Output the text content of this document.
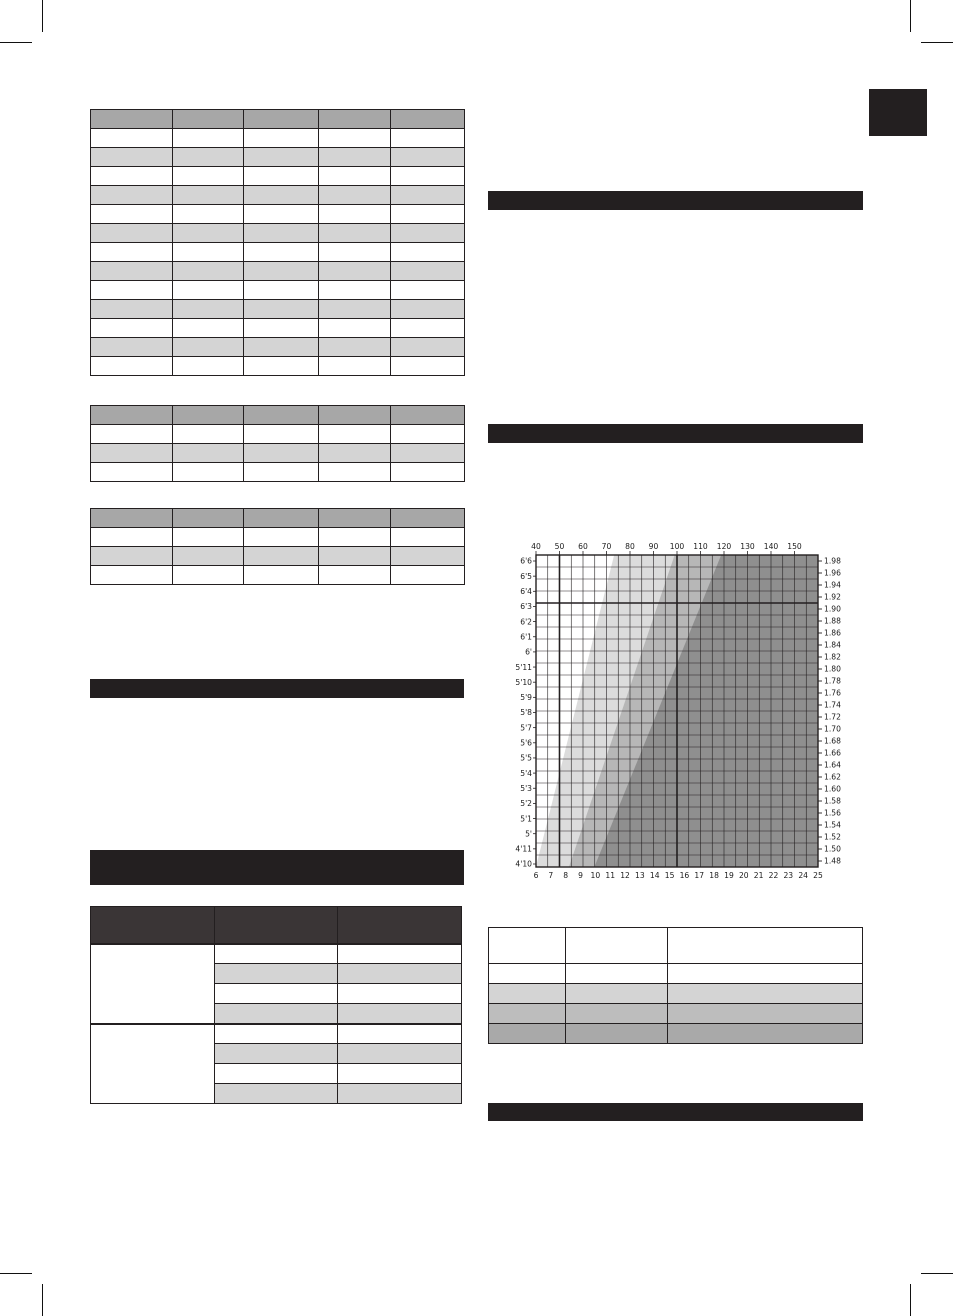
40 50 60 70 80 90 100 110 120 130 140 150
6 7 8 9 10 11 12 13 14 15 16 17 18 19 20 21 22 23 24 25
6'6
6'5
6'4
6'3
6'2
6'1
6'
5'11
5'10
5'9
5'8
5'7
5'6
5'5
5'4
5'3
5'2
5'1
5'
4'11
4'10
1.98
1.96
1.94
1.92
1.90
1.88
1.86
1.84
1.82
1.80
1.78
1.76
1.74
1.72
1.70
1.68
1.66
1.64
1.62
1.60
1.58
1.56
1.54
1.52
1.50
1.48
